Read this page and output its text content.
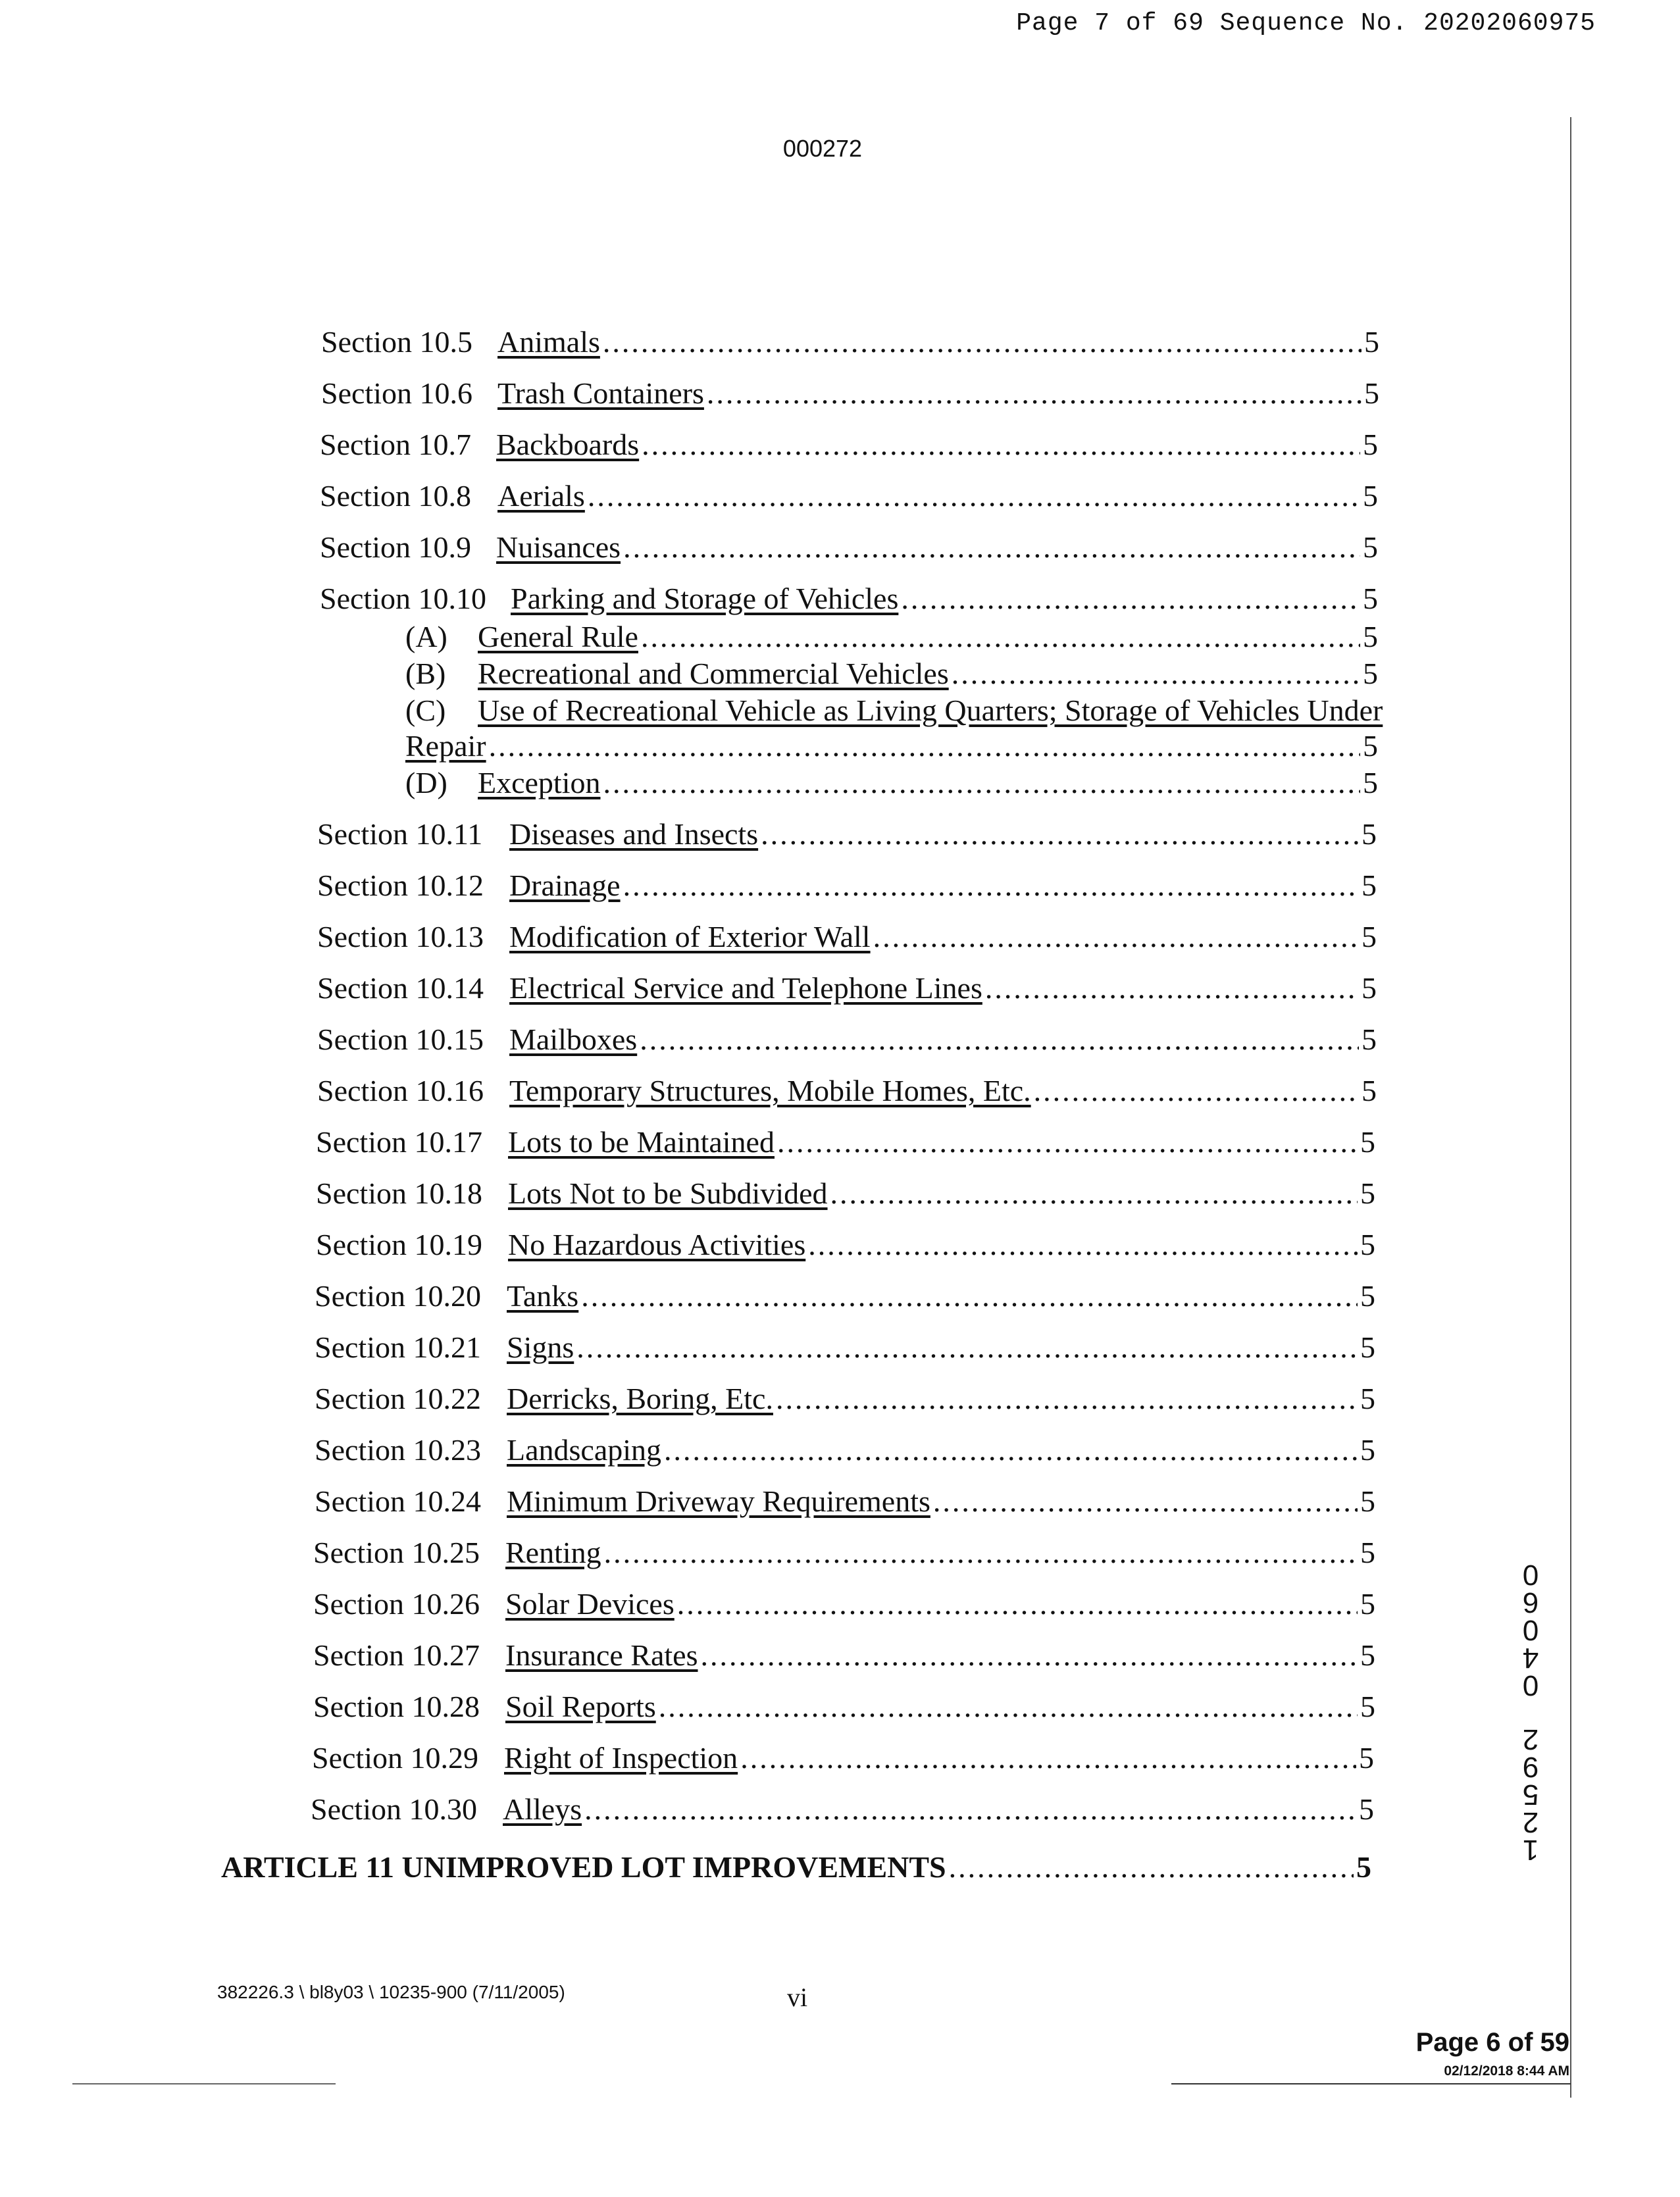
Page 7 of 69 Sequence No. 20202060975
000272
Section 10.5 Animals .....	5
Section 10.6 Trash Containers .....	5
Section 10.7 Backboards .....	5
Section 10.8 Aerials .....	5
Section 10.9 Nuisances .....	5
Section 10.10 Parking and Storage of Vehicles .....	5
(A) General Rule .....	5
(B) Recreational and Commercial Vehicles .....	5
(C) Use of Recreational Vehicle as Living Quarters; Storage of Vehicles Under
Repair .....	5
(D) Exception .....	5
Section 10.11 Diseases and Insects .....	5
Section 10.12 Drainage .....	5
Section 10.13 Modification of Exterior Wall .....	5
Section 10.14 Electrical Service and Telephone Lines .....	5
Section 10.15 Mailboxes .....	5
Section 10.16 Temporary Structures, Mobile Homes, Etc. .....	5
Section 10.17 Lots to be Maintained .....	5
Section 10.18 Lots Not to be Subdivided .....	5
Section 10.19 No Hazardous Activities .....	5
Section 10.20 Tanks .....	5
Section 10.21 Signs .....	5
Section 10.22 Derricks, Boring, Etc. .....	5
Section 10.23 Landscaping .....	5
Section 10.24 Minimum Driveway Requirements .....	5
Section 10.25 Renting .....	5
Section 10.26 Solar Devices .....	5
Section 10.27 Insurance Rates .....	5
Section 10.28 Soil Reports .....	5
Section 10.29 Right of Inspection .....	5
Section 10.30 Alleys .....	5
ARTICLE 11 UNIMPROVED LOT IMPROVEMENTS .....	5
382226.3 \ bl8y03 \ 10235-900 (7/11/2005)	vi
1
2
5
9
2
0
4
0
6
0
Page 6 of 59
02/12/2018 8:44 AM
